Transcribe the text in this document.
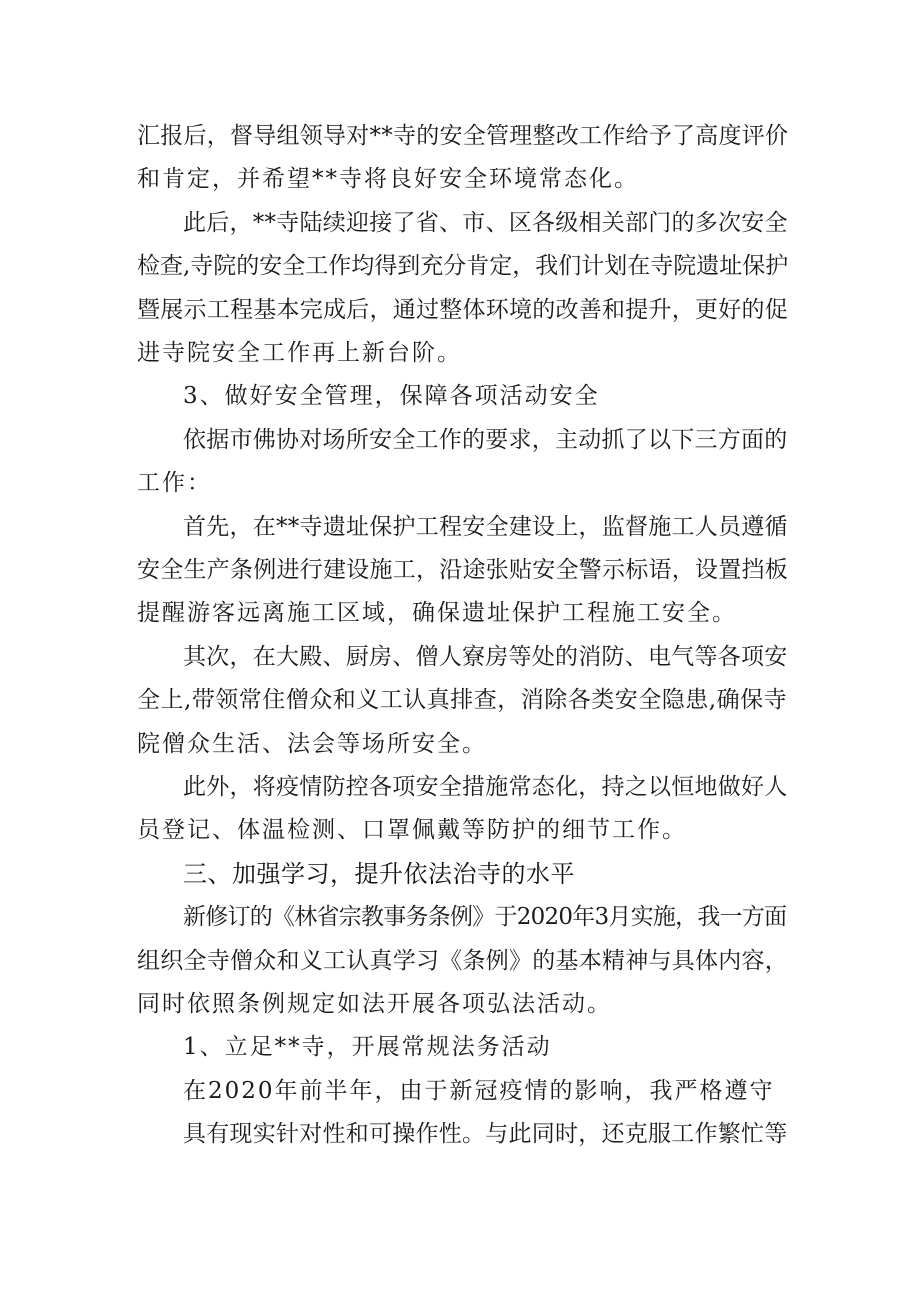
汇报后，督导组领导对**寺的安全管理整改工作给予了高度评价
和肯定，并希望**寺将良好安全环境常态化。
此后，**寺陆续迎接了省、市、区各级相关部门的多次安全
检查,寺院的安全工作均得到充分肯定，我们计划在寺院遗址保护
暨展示工程基本完成后，通过整体环境的改善和提升，更好的促
进寺院安全工作再上新台阶。
3、做好安全管理，保障各项活动安全
依据市佛协对场所安全工作的要求，主动抓了以下三方面的
工作：
首先，在**寺遗址保护工程安全建设上，监督施工人员遵循
安全生产条例进行建设施工，沿途张贴安全警示标语，设置挡板
提醒游客远离施工区域，确保遗址保护工程施工安全。
其次，在大殿、厨房、僧人寮房等处的消防、电气等各项安
全上,带领常住僧众和义工认真排查，消除各类安全隐患,确保寺
院僧众生活、法会等场所安全。
此外，将疫情防控各项安全措施常态化，持之以恒地做好人
员登记、体温检测、口罩佩戴等防护的细节工作。
三、加强学习，提升依法治寺的水平
新修订的《林省宗教事务条例》于2020年3月实施，我一方面
组织全寺僧众和义工认真学习《条例》的基本精神与具体内容，
同时依照条例规定如法开展各项弘法活动。
1、立足**寺，开展常规法务活动
在2020年前半年，由于新冠疫情的影响，我严格遵守
具有现实针对性和可操作性。与此同时，还克服工作繁忙等
